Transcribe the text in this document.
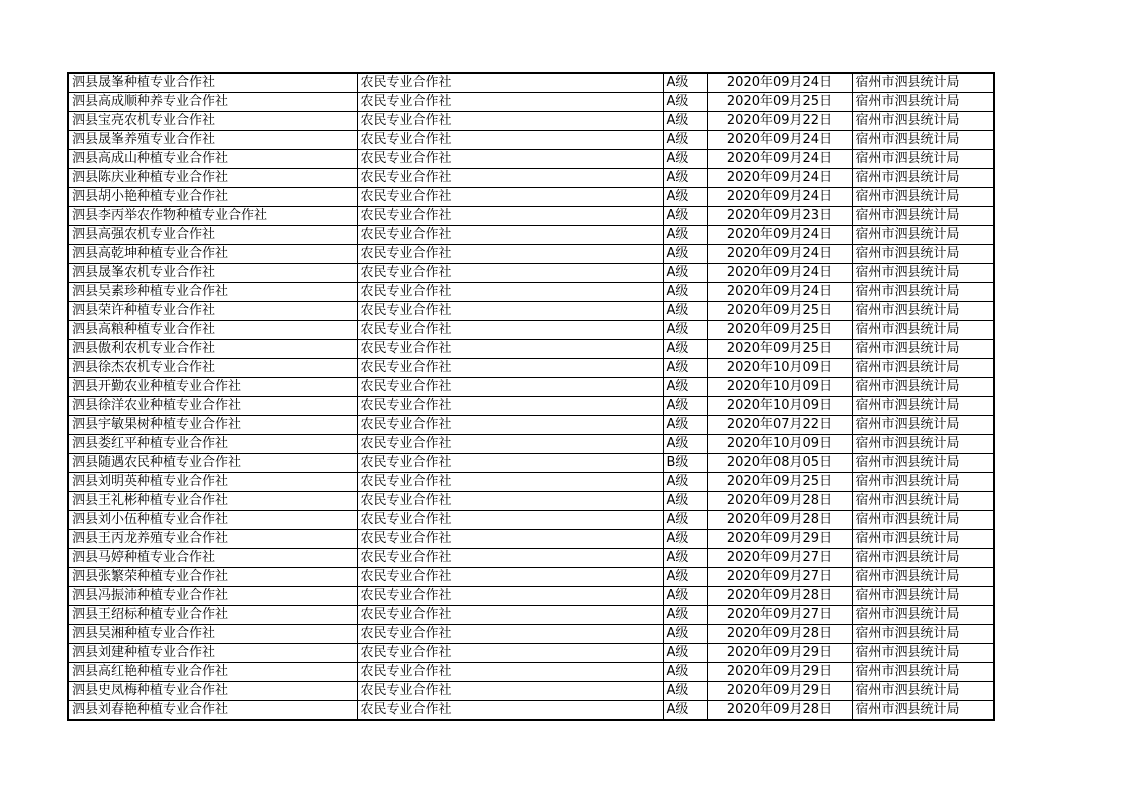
泗县晟峯种植专业合作社	农民专业合作社	A级	2020年09月24日	宿州市泗县统计局
泗县高成顺种养专业合作社	农民专业合作社	A级	2020年09月25日	宿州市泗县统计局
泗县宝亮农机专业合作社	农民专业合作社	A级	2020年09月22日	宿州市泗县统计局
泗县晟峯养殖专业合作社	农民专业合作社	A级	2020年09月24日	宿州市泗县统计局
泗县高成山种植专业合作社	农民专业合作社	A级	2020年09月24日	宿州市泗县统计局
泗县陈庆业种植专业合作社	农民专业合作社	A级	2020年09月24日	宿州市泗县统计局
泗县胡小艳种植专业合作社	农民专业合作社	A级	2020年09月24日	宿州市泗县统计局
泗县李丙举农作物种植专业合作社	农民专业合作社	A级	2020年09月23日	宿州市泗县统计局
泗县高强农机专业合作社	农民专业合作社	A级	2020年09月24日	宿州市泗县统计局
泗县高乾坤种植专业合作社	农民专业合作社	A级	2020年09月24日	宿州市泗县统计局
泗县晟峯农机专业合作社	农民专业合作社	A级	2020年09月24日	宿州市泗县统计局
泗县吴素珍种植专业合作社	农民专业合作社	A级	2020年09月24日	宿州市泗县统计局
泗县荣许种植专业合作社	农民专业合作社	A级	2020年09月25日	宿州市泗县统计局
泗县高粮种植专业合作社	农民专业合作社	A级	2020年09月25日	宿州市泗县统计局
泗县傲利农机专业合作社	农民专业合作社	A级	2020年09月25日	宿州市泗县统计局
泗县徐杰农机专业合作社	农民专业合作社	A级	2020年10月09日	宿州市泗县统计局
泗县开勤农业种植专业合作社	农民专业合作社	A级	2020年10月09日	宿州市泗县统计局
泗县徐洋农业种植专业合作社	农民专业合作社	A级	2020年10月09日	宿州市泗县统计局
泗县宇敏果树种植专业合作社	农民专业合作社	A级	2020年07月22日	宿州市泗县统计局
泗县娄红平种植专业合作社	农民专业合作社	A级	2020年10月09日	宿州市泗县统计局
泗县随遇农民种植专业合作社	农民专业合作社	B级	2020年08月05日	宿州市泗县统计局
泗县刘明英种植专业合作社	农民专业合作社	A级	2020年09月25日	宿州市泗县统计局
泗县王礼彬种植专业合作社	农民专业合作社	A级	2020年09月28日	宿州市泗县统计局
泗县刘小伍种植专业合作社	农民专业合作社	A级	2020年09月28日	宿州市泗县统计局
泗县王丙龙养殖专业合作社	农民专业合作社	A级	2020年09月29日	宿州市泗县统计局
泗县马婷种植专业合作社	农民专业合作社	A级	2020年09月27日	宿州市泗县统计局
泗县张繁荣种植专业合作社	农民专业合作社	A级	2020年09月27日	宿州市泗县统计局
泗县冯振沛种植专业合作社	农民专业合作社	A级	2020年09月28日	宿州市泗县统计局
泗县王绍标种植专业合作社	农民专业合作社	A级	2020年09月27日	宿州市泗县统计局
泗县吴湘种植专业合作社	农民专业合作社	A级	2020年09月28日	宿州市泗县统计局
泗县刘建种植专业合作社	农民专业合作社	A级	2020年09月29日	宿州市泗县统计局
泗县高红艳种植专业合作社	农民专业合作社	A级	2020年09月29日	宿州市泗县统计局
泗县史凤梅种植专业合作社	农民专业合作社	A级	2020年09月29日	宿州市泗县统计局
泗县刘春艳种植专业合作社	农民专业合作社	A级	2020年09月28日	宿州市泗县统计局
